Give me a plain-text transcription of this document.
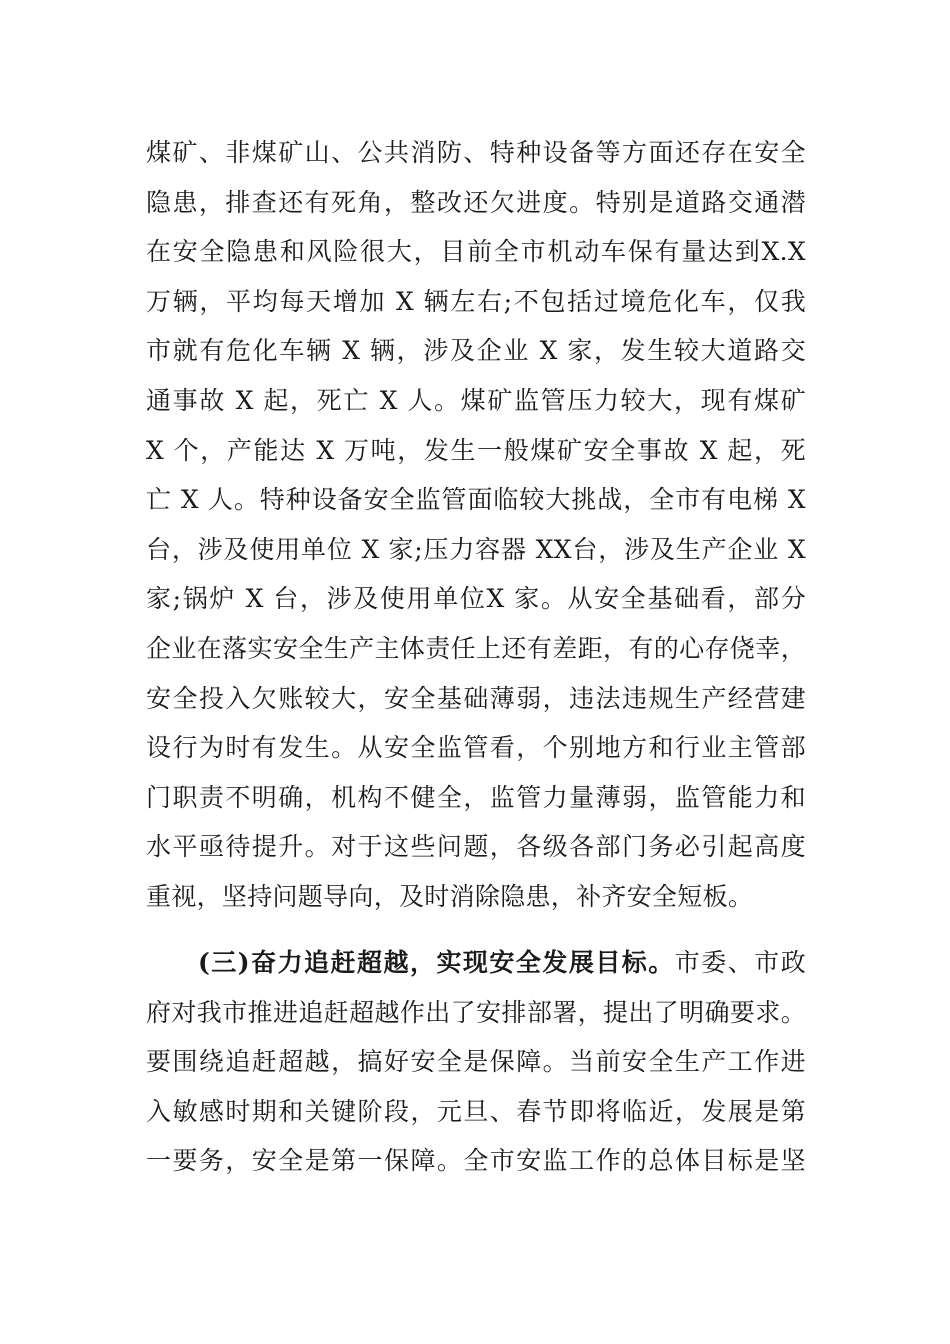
煤矿、非煤矿山、公共消防、特种设备等方面还存在安全
隐患，排查还有死角，整改还欠进度。特别是道路交通潜
在安全隐患和风险很大，目前全市机动车保有量达到X.X
万辆，平均每天增加 X 辆左右;不包括过境危化车，仅我
市就有危化车辆 X 辆，涉及企业 X 家，发生较大道路交
通事故 X 起，死亡 X 人。煤矿监管压力较大，现有煤矿
X 个，产能达 X 万吨，发生一般煤矿安全事故 X 起，死
亡 X 人。特种设备安全监管面临较大挑战，全市有电梯 X
台，涉及使用单位 X 家;压力容器 XX台，涉及生产企业 X
家;锅炉 X 台，涉及使用单位X 家。从安全基础看，部分
企业在落实安全生产主体责任上还有差距，有的心存侥幸，
安全投入欠账较大，安全基础薄弱，违法违规生产经营建
设行为时有发生。从安全监管看，个别地方和行业主管部
门职责不明确，机构不健全，监管力量薄弱，监管能力和
水平亟待提升。对于这些问题，各级各部门务必引起高度
重视，坚持问题导向，及时消除隐患，补齐安全短板。
(三)奋力追赶超越，实现安全发展目标。市委、市政
府对我市推进追赶超越作出了安排部署，提出了明确要求。
要围绕追赶超越，搞好安全是保障。当前安全生产工作进
入敏感时期和关键阶段，元旦、春节即将临近，发展是第
一要务，安全是第一保障。全市安监工作的总体目标是坚
